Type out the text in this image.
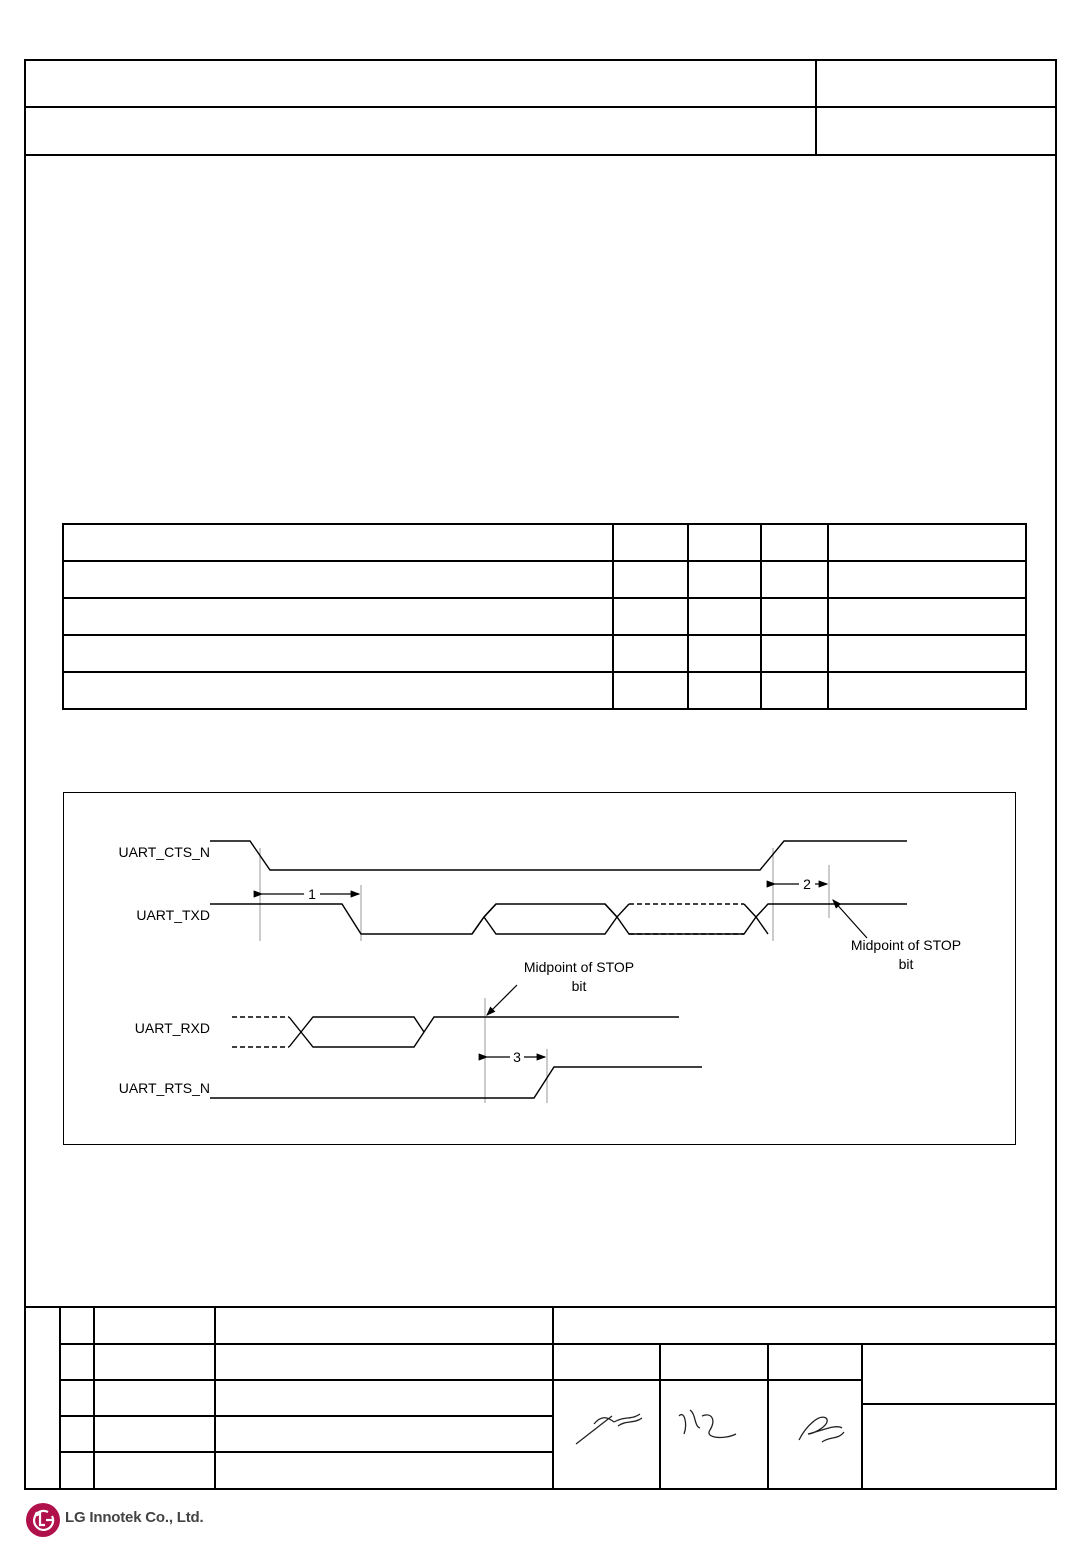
UART_CTS_N
UART_TXD
UART_RXD
UART_RTS_N
1
2
3
Midpoint of STOP
bit
Midpoint of STOP
bit
LG Innotek Co., Ltd.
